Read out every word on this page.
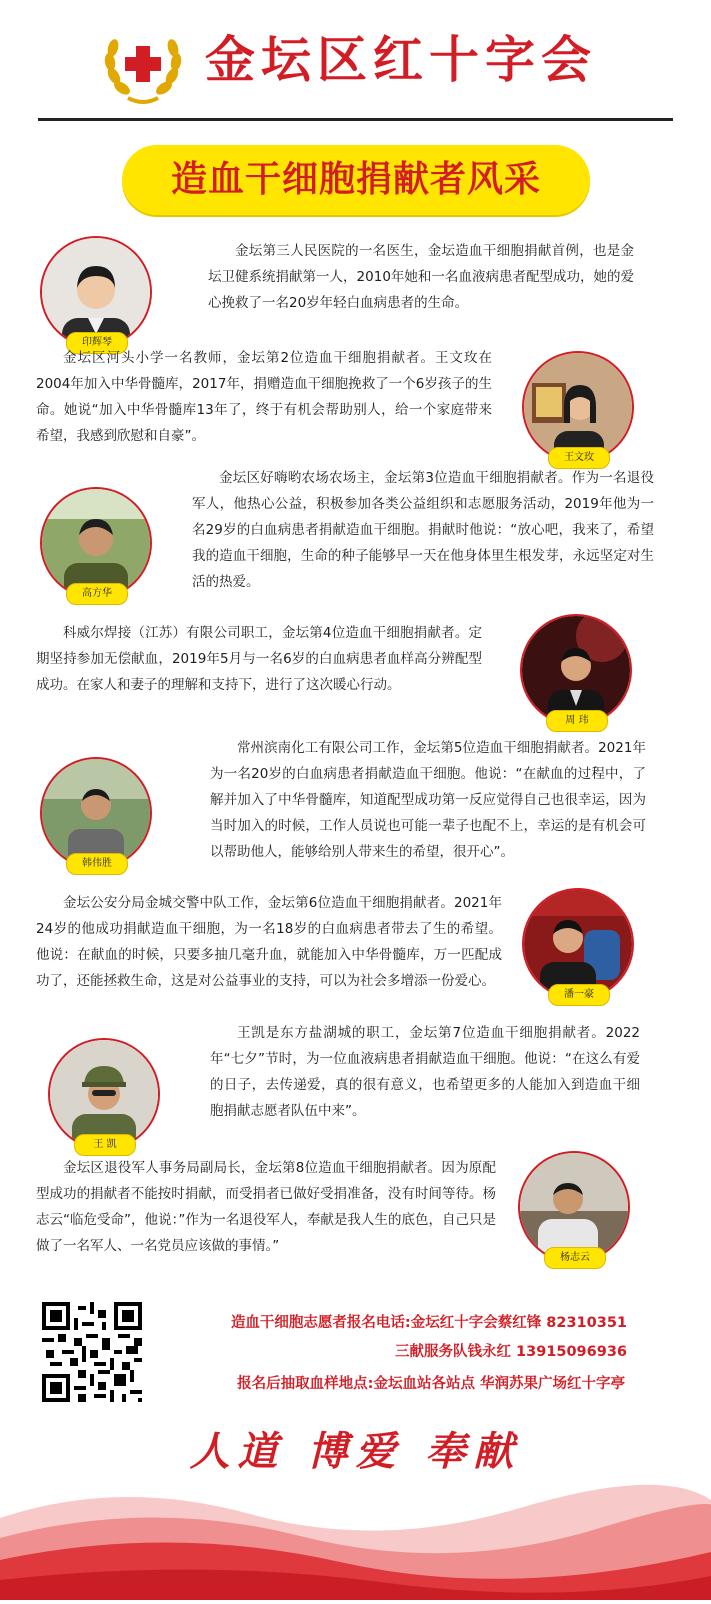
金坛区红十字会
造血干细胞捐献者风采
印辉琴

金坛第三人民医院的一名医生，金坛造血干细胞捐献首例，也是金坛卫健系统捐献第一人，2010年她和一名血液病患者配型成功，她的爱心挽救了一名20岁年轻白血病患者的生命。

金坛区河头小学一名教师，金坛第2位造血干细胞捐献者。王文玫在2004年加入中华骨髓库，2017年，捐赠造血干细胞挽救了一个6岁孩子的生命。她说“加入中华骨髓库13年了，终于有机会帮助别人，给一个家庭带来希望，我感到欣慰和自豪”。

王文玫
高方华

金坛区好嗨哟农场农场主，金坛第3位造血干细胞捐献者。作为一名退役军人，他热心公益，积极参加各类公益组织和志愿服务活动，2019年他为一名29岁的白血病患者捐献造血干细胞。捐献时他说：“放心吧，我来了，希望我的造血干细胞，生命的种子能够早一天在他身体里生根发芽，永远坚定对生活的热爱。

科威尔焊接（江苏）有限公司职工，金坛第4位造血干细胞捐献者。定期坚持参加无偿献血，2019年5月与一名6岁的白血病患者血样高分辨配型成功。在家人和妻子的理解和支持下，进行了这次暖心行动。

周 玮
韩伟胜

常州滨南化工有限公司工作，金坛第5位造血干细胞捐献者。2021年为一名20岁的白血病患者捐献造血干细胞。他说：“在献血的过程中，了解并加入了中华骨髓库，知道配型成功第一反应觉得自己也很幸运，因为当时加入的时候，工作人员说也可能一辈子也配不上，幸运的是有机会可以帮助他人，能够给别人带来生的希望，很开心”。

金坛公安分局金城交警中队工作，金坛第6位造血干细胞捐献者。2021年24岁的他成功捐献造血干细胞，为一名18岁的白血病患者带去了生的希望。他说：在献血的时候，只要多抽几毫升血，就能加入中华骨髓库，万一匹配成功了，还能拯救生命，这是对公益事业的支持，可以为社会多增添一份爱心。

潘一豪
王 凯

王凯是东方盐湖城的职工，金坛第7位造血干细胞捐献者。2022年“七夕”节时，为一位血液病患者捐献造血干细胞。他说：“在这么有爱的日子，去传递爱，真的很有意义，也希望更多的人能加入到造血干细胞捐献志愿者队伍中来”。

金坛区退役军人事务局副局长，金坛第8位造血干细胞捐献者。因为原配型成功的捐献者不能按时捐献，而受捐者已做好受捐准备，没有时间等待。杨志云“临危受命”，他说：”作为一名退役军人，奉献是我人生的底色，自己只是做了一名军人、一名党员应该做的事情。”

杨志云
造血干细胞志愿者报名电话:金坛红十字会蔡红锋 82310351
三献服务队钱永红 13915096936
报名后抽取血样地点:金坛血站各站点 华润苏果广场红十字亭
人道 博爱 奉献
